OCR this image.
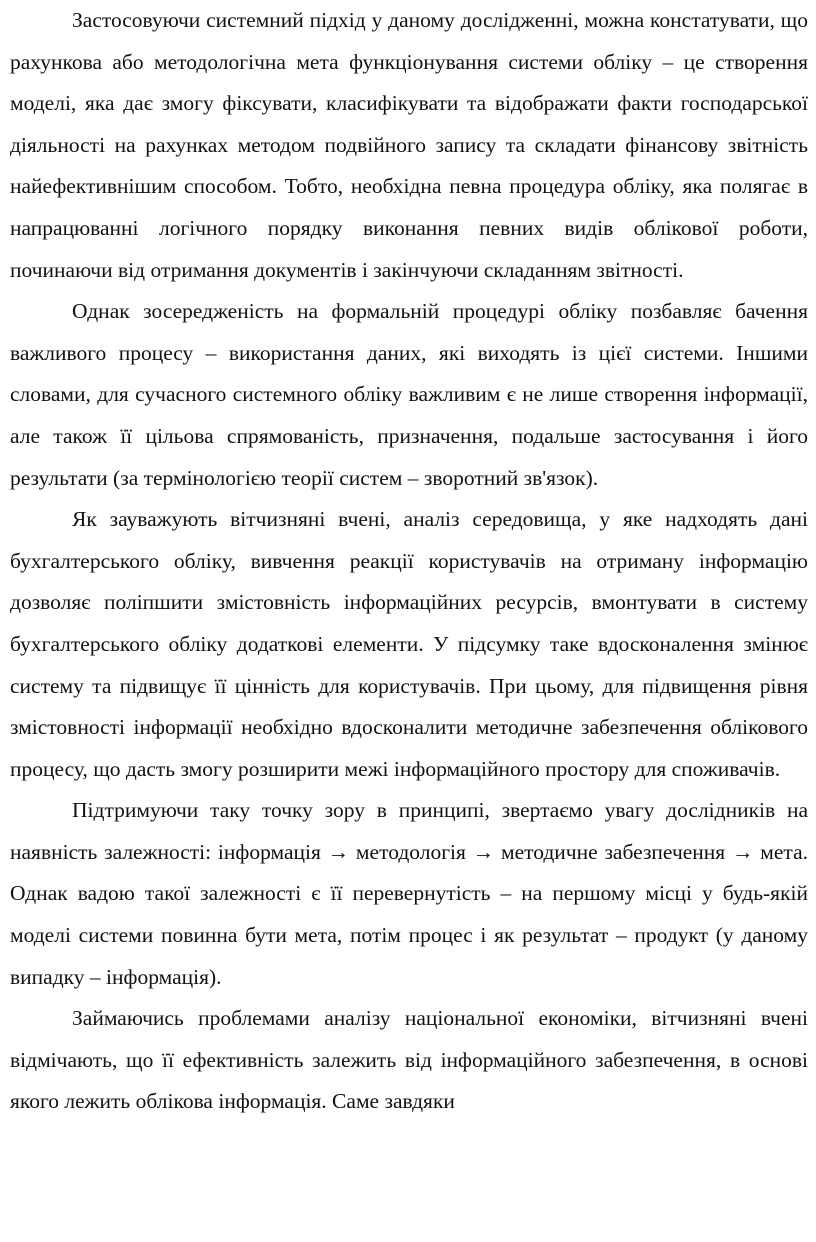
Застосовуючи системний підхід у даному дослідженні, можна констатувати, що рахункова або методологічна мета функціонування системи обліку – це створення моделі, яка дає змогу фіксувати, класифікувати та відображати факти господарської діяльності на рахунках методом подвійного запису та складати фінансову звітність найефективнішим способом. Тобто, необхідна певна процедура обліку, яка полягає в напрацюванні логічного порядку виконання певних видів облікової роботи, починаючи від отримання документів і закінчуючи складанням звітності.

Однак зосередженість на формальній процедурі обліку позбавляє бачення важливого процесу – використання даних, які виходять із цієї системи. Іншими словами, для сучасного системного обліку важливим є не лише створення інформації, але також її цільова спрямованість, призначення, подальше застосування і його результати (за термінологією теорії систем – зворотний зв'язок).

Як зауважують вітчизняні вчені, аналіз середовища, у яке надходять дані бухгалтерського обліку, вивчення реакції користувачів на отриману інформацію дозволяє поліпшити змістовність інформаційних ресурсів, вмонтувати в систему бухгалтерського обліку додаткові елементи. У підсумку таке вдосконалення змінює систему та підвищує її цінність для користувачів. При цьому, для підвищення рівня змістовності інформації необхідно вдосконалити методичне забезпечення облікового процесу, що дасть змогу розширити межі інформаційного простору для споживачів.

Підтримуючи таку точку зору в принципі, звертаємо увагу дослідників на наявність залежності: інформація → методологія → методичне забезпечення → мета. Однак вадою такої залежності є її перевернутість – на першому місці у будь-якій моделі системи повинна бути мета, потім процес і як результат – продукт (у даному випадку – інформація).

Займаючись проблемами аналізу національної економіки, вітчизняні вчені відмічають, що її ефективність залежить від інформаційного забезпечення, в основі якого лежить облікова інформація. Саме завдяки
